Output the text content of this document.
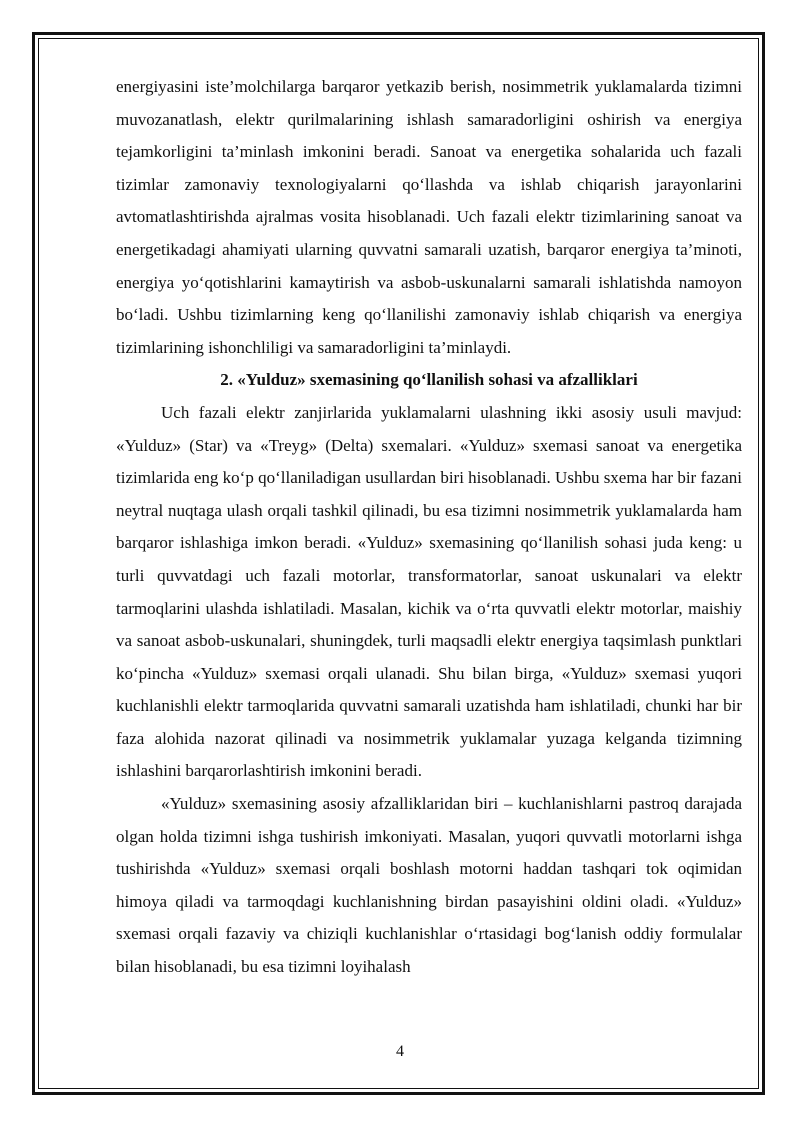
energiyasini iste’molchilarga barqaror yetkazib berish, nosimmetrik yuklamalarda tizimni muvozanatlash, elektr qurilmalarining ishlash samaradorligini oshirish va energiya tejamkorligini ta’minlash imkonini beradi. Sanoat va energetika sohalarida uch fazali tizimlar zamonaviy texnologiyalarni qo‘llashda va ishlab chiqarish jarayonlarini avtomatlashtirishda ajralmas vosita hisoblanadi. Uch fazali elektr tizimlarining sanoat va energetikadagi ahamiyati ularning quvvatni samarali uzatish, barqaror energiya ta’minoti, energiya yo‘qotishlarini kamaytirish va asbob-uskunalarni samarali ishlatishda namoyon bo‘ladi. Ushbu tizimlarning keng qo‘llanilishi zamonaviy ishlab chiqarish va energiya tizimlarining ishonchliligi va samaradorligini ta’minlaydi.

2. «Yulduz» sxemasining qo‘llanilish sohasi va afzalliklari

Uch fazali elektr zanjirlarida yuklamalarni ulashning ikki asosiy usuli mavjud: «Yulduz» (Star) va «Treyg» (Delta) sxemalari. «Yulduz» sxemasi sanoat va energetika tizimlarida eng ko‘p qo‘llaniladigan usullardan biri hisoblanadi. Ushbu sxema har bir fazani neytral nuqtaga ulash orqali tashkil qilinadi, bu esa tizimni nosimmetrik yuklamalarda ham barqaror ishlashiga imkon beradi. «Yulduz» sxemasining qo‘llanilish sohasi juda keng: u turli quvvatdagi uch fazali motorlar, transformatorlar, sanoat uskunalari va elektr tarmoqlarini ulashda ishlatiladi. Masalan, kichik va o‘rta quvvatli elektr motorlar, maishiy va sanoat asbob-uskunalari, shuningdek, turli maqsadli elektr energiya taqsimlash punktlari ko‘pincha «Yulduz» sxemasi orqali ulanadi. Shu bilan birga, «Yulduz» sxemasi yuqori kuchlanishli elektr tarmoqlarida quvvatni samarali uzatishda ham ishlatiladi, chunki har bir faza alohida nazorat qilinadi va nosimmetrik yuklamalar yuzaga kelganda tizimning ishlashini barqarorlashtirish imkonini beradi.

«Yulduz» sxemasining asosiy afzalliklaridan biri – kuchlanishlarni pastroq darajada olgan holda tizimni ishga tushirish imkoniyati. Masalan, yuqori quvvatli motorlarni ishga tushirishda «Yulduz» sxemasi orqali boshlash motorni haddan tashqari tok oqimidan himoya qiladi va tarmoqdagi kuchlanishning birdan pasayishini oldini oladi. «Yulduz» sxemasi orqali fazaviy va chiziqli kuchlanishlar o‘rtasidagi bog‘lanish oddiy formulalar bilan hisoblanadi, bu esa tizimni loyihalash

4
